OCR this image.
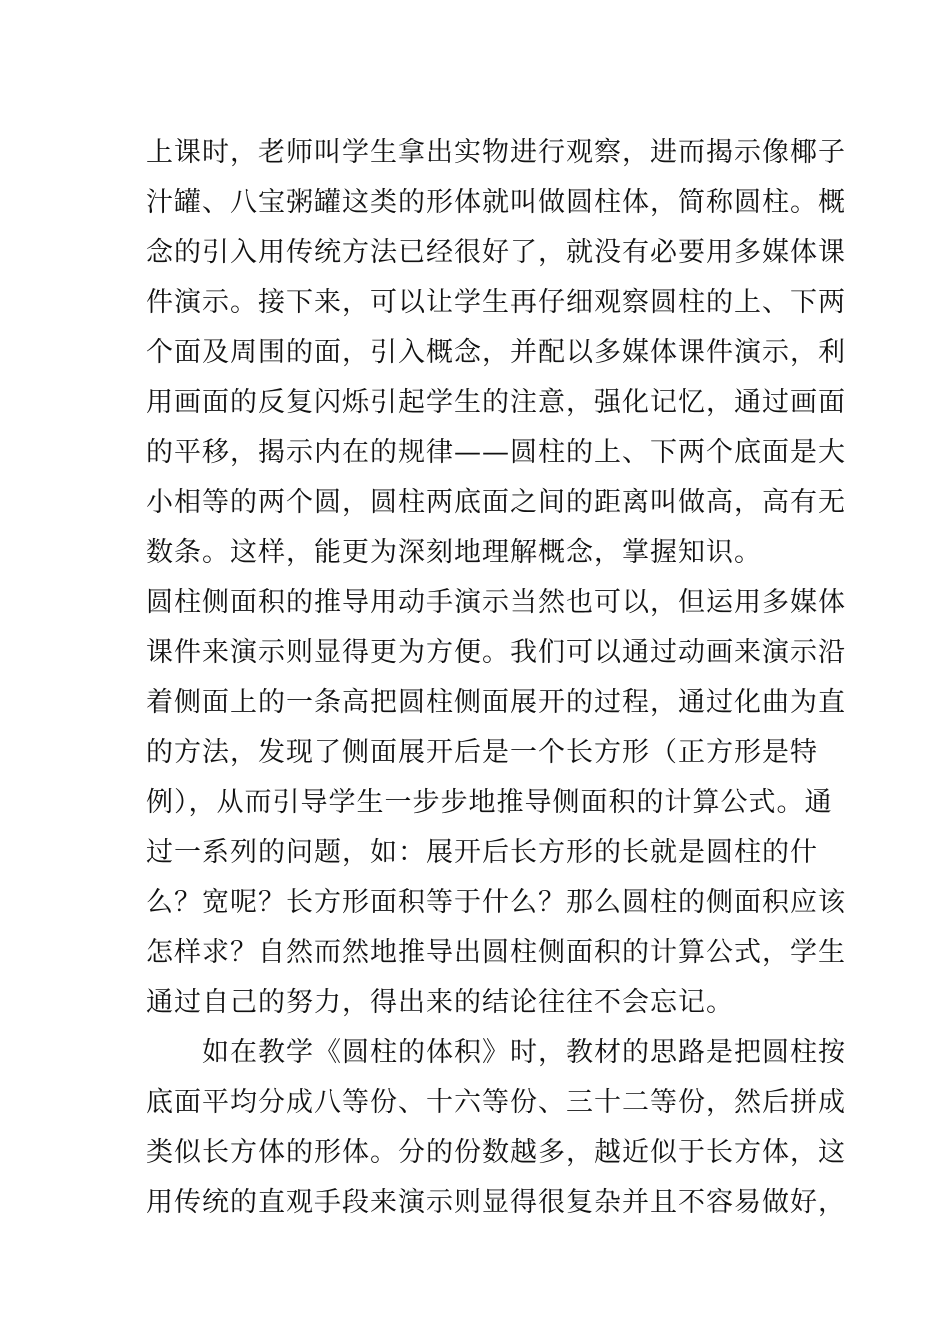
上课时，老师叫学生拿出实物进行观察，进而揭示像椰子
汁罐、八宝粥罐这类的形体就叫做圆柱体，简称圆柱。概
念的引入用传统方法已经很好了，就没有必要用多媒体课
件演示。接下来，可以让学生再仔细观察圆柱的上、下两
个面及周围的面，引入概念，并配以多媒体课件演示，利
用画面的反复闪烁引起学生的注意，强化记忆，通过画面
的平移，揭示内在的规律——圆柱的上、下两个底面是大
小相等的两个圆，圆柱两底面之间的距离叫做高，高有无
数条。这样，能更为深刻地理解概念，掌握知识。
圆柱侧面积的推导用动手演示当然也可以，但运用多媒体
课件来演示则显得更为方便。我们可以通过动画来演示沿
着侧面上的一条高把圆柱侧面展开的过程，通过化曲为直
的方法，发现了侧面展开后是一个长方形（正方形是特
例），从而引导学生一步步地推导侧面积的计算公式。通
过一系列的问题，如：展开后长方形的长就是圆柱的什
么？宽呢？长方形面积等于什么？那么圆柱的侧面积应该
怎样求？自然而然地推导出圆柱侧面积的计算公式，学生
通过自己的努力，得出来的结论往往不会忘记。
　　如在教学《圆柱的体积》时，教材的思路是把圆柱按
底面平均分成八等份、十六等份、三十二等份，然后拼成
类似长方体的形体。分的份数越多，越近似于长方体，这
用传统的直观手段来演示则显得很复杂并且不容易做好，
